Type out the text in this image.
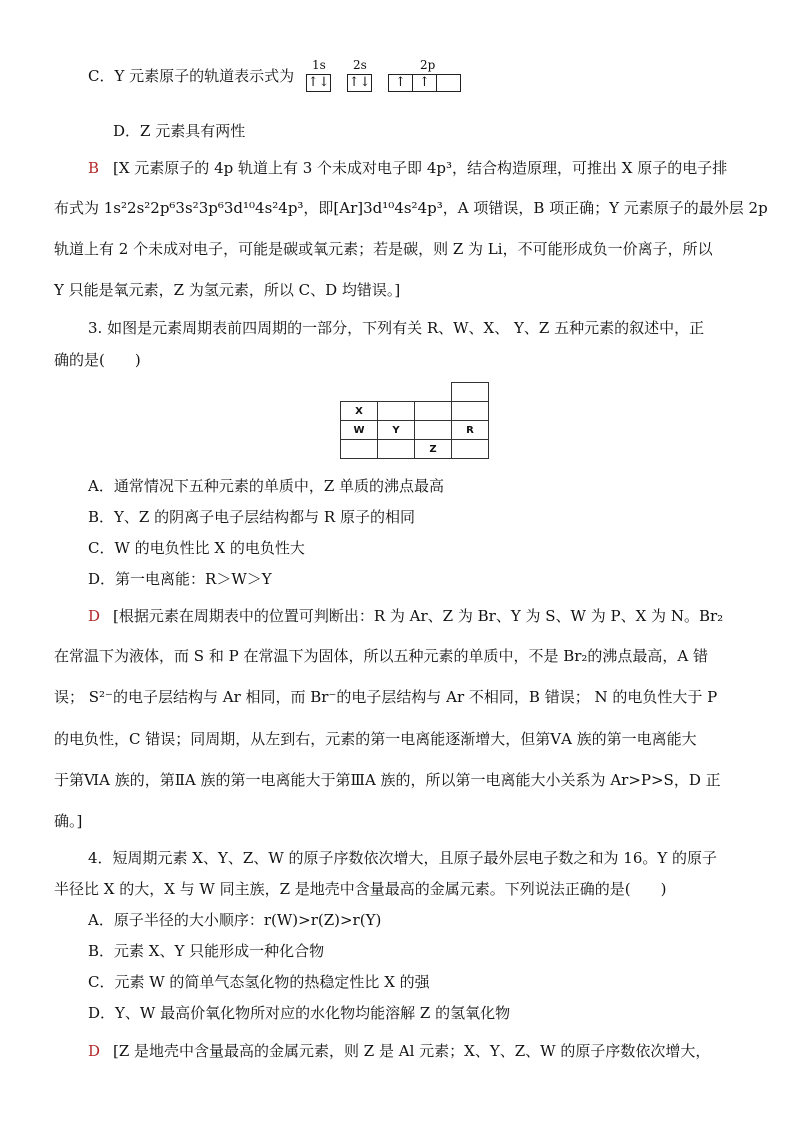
C．Y 元素原子的轨道表示式为
1s 2s	2p
↑↓ ↑↓	↑	↑
D．Z 元素具有两性
B [X 元素原子的 4p 轨道上有 3 个未成对电子即 4p³，结合构造原理，可推出 X 原子的电子排
布式为 1s²2s²2p⁶3s²3p⁶3d¹⁰4s²4p³，即[Ar]3d¹⁰4s²4p³，A 项错误，B 项正确；Y 元素原子的最外层 2p
轨道上有 2 个未成对电子，可能是碳或氧元素；若是碳，则 Z 为 Li，不可能形成负一价离子，所以
Y 只能是氧元素，Z 为氢元素，所以 C、D 均错误。]
3. 如图是元素周期表前四周期的一部分，下列有关 R、W、X、 Y、Z 五种元素的叙述中，正
确的是(　　)

X			
W	Y		R
		Z	
A．通常情况下五种元素的单质中，Z 单质的沸点最高
B．Y、Z 的阴离子电子层结构都与 R 原子的相同
C．W 的电负性比 X 的电负性大
D．第一电离能：R＞W＞Y
D [根据元素在周期表中的位置可判断出：R 为 Ar、Z 为 Br、Y 为 S、W 为 P、X 为 N。Br₂
在常温下为液体，而 S 和 P 在常温下为固体，所以五种元素的单质中，不是 Br₂的沸点最高，A 错
误； S²⁻的电子层结构与 Ar 相同，而 Br⁻的电子层结构与 Ar 不相同，B 错误； N 的电负性大于 P
的电负性，C 错误；同周期，从左到右，元素的第一电离能逐渐增大，但第ⅤA 族的第一电离能大
于第ⅥA 族的，第ⅡA 族的第一电离能大于第ⅢA 族的，所以第一电离能大小关系为 Ar>P>S，D 正
确。]
4．短周期元素 X、Y、Z、W 的原子序数依次增大，且原子最外层电子数之和为 16。Y 的原子
半径比 X 的大，X 与 W 同主族，Z 是地壳中含量最高的金属元素。下列说法正确的是(　　)
A．原子半径的大小顺序：r(W)>r(Z)>r(Y)
B．元素 X、Y 只能形成一种化合物
C．元素 W 的简单气态氢化物的热稳定性比 X 的强
D．Y、W 最高价氧化物所对应的水化物均能溶解 Z 的氢氧化物
D [Z 是地壳中含量最高的金属元素，则 Z 是 Al 元素；X、Y、Z、W 的原子序数依次增大，
